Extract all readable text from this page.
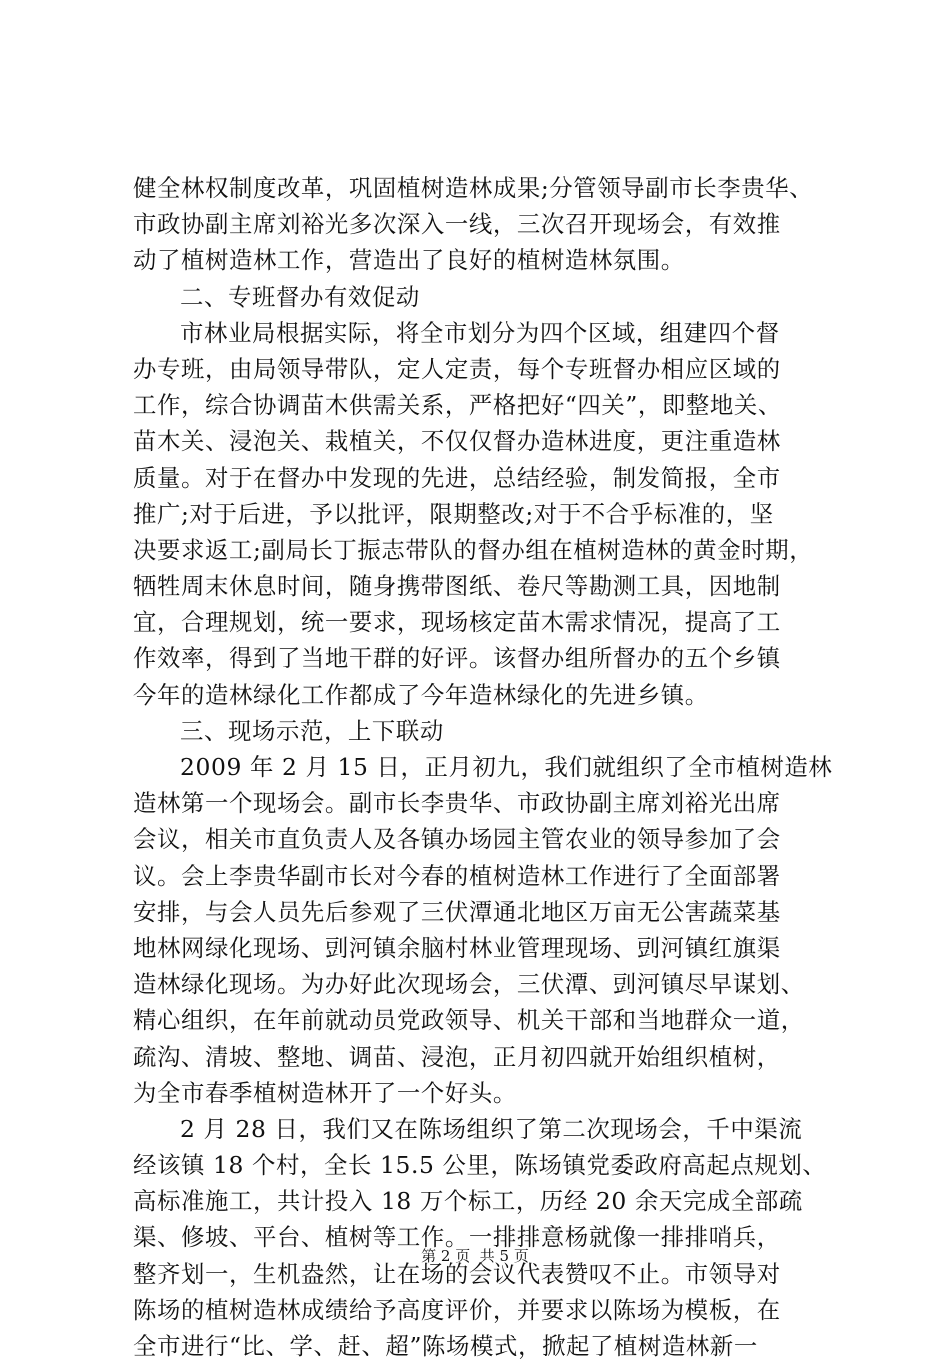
健全林权制度改革，巩固植树造林成果;分管领导副市长李贵华、
市政协副主席刘裕光多次深入一线，三次召开现场会，有效推
动了植树造林工作，营造出了良好的植树造林氛围。
二、专班督办有效促动
市林业局根据实际，将全市划分为四个区域，组建四个督
办专班，由局领导带队，定人定责，每个专班督办相应区域的
工作，综合协调苗木供需关系，严格把好“四关”，即整地关、
苗木关、浸泡关、栽植关，不仅仅督办造林进度，更注重造林
质量。对于在督办中发现的先进，总结经验，制发简报，全市
推广;对于后进，予以批评，限期整改;对于不合乎标准的，坚
决要求返工;副局长丁振志带队的督办组在植树造林的黄金时期，
牺牲周末休息时间，随身携带图纸、卷尺等勘测工具，因地制
宜，合理规划，统一要求，现场核定苗木需求情况，提高了工
作效率，得到了当地干群的好评。该督办组所督办的五个乡镇
今年的造林绿化工作都成了今年造林绿化的先进乡镇。
三、现场示范，上下联动
2009 年 2 月 15 日，正月初九，我们就组织了全市植树造林
造林第一个现场会。副市长李贵华、市政协副主席刘裕光出席
会议，相关市直负责人及各镇办场园主管农业的领导参加了会
议。会上李贵华副市长对今春的植树造林工作进行了全面部署
安排，与会人员先后参观了三伏潭通北地区万亩无公害蔬菜基
地林网绿化现场、剅河镇余脑村林业管理现场、剅河镇红旗渠
造林绿化现场。为办好此次现场会，三伏潭、剅河镇尽早谋划、
精心组织，在年前就动员党政领导、机关干部和当地群众一道，
疏沟、清坡、整地、调苗、浸泡，正月初四就开始组织植树，
为全市春季植树造林开了一个好头。
2 月 28 日，我们又在陈场组织了第二次现场会，千中渠流
经该镇 18 个村，全长 15.5 公里，陈场镇党委政府高起点规划、
高标准施工，共计投入 18 万个标工，历经 20 余天完成全部疏
渠、修坡、平台、植树等工作。一排排意杨就像一排排哨兵，
整齐划一，生机盎然，让在场的会议代表赞叹不止。市领导对
陈场的植树造林成绩给予高度评价，并要求以陈场为模板，在
全市进行“比、学、赶、超”陈场模式，掀起了植树造林新一
第 2 页  共 5 页
